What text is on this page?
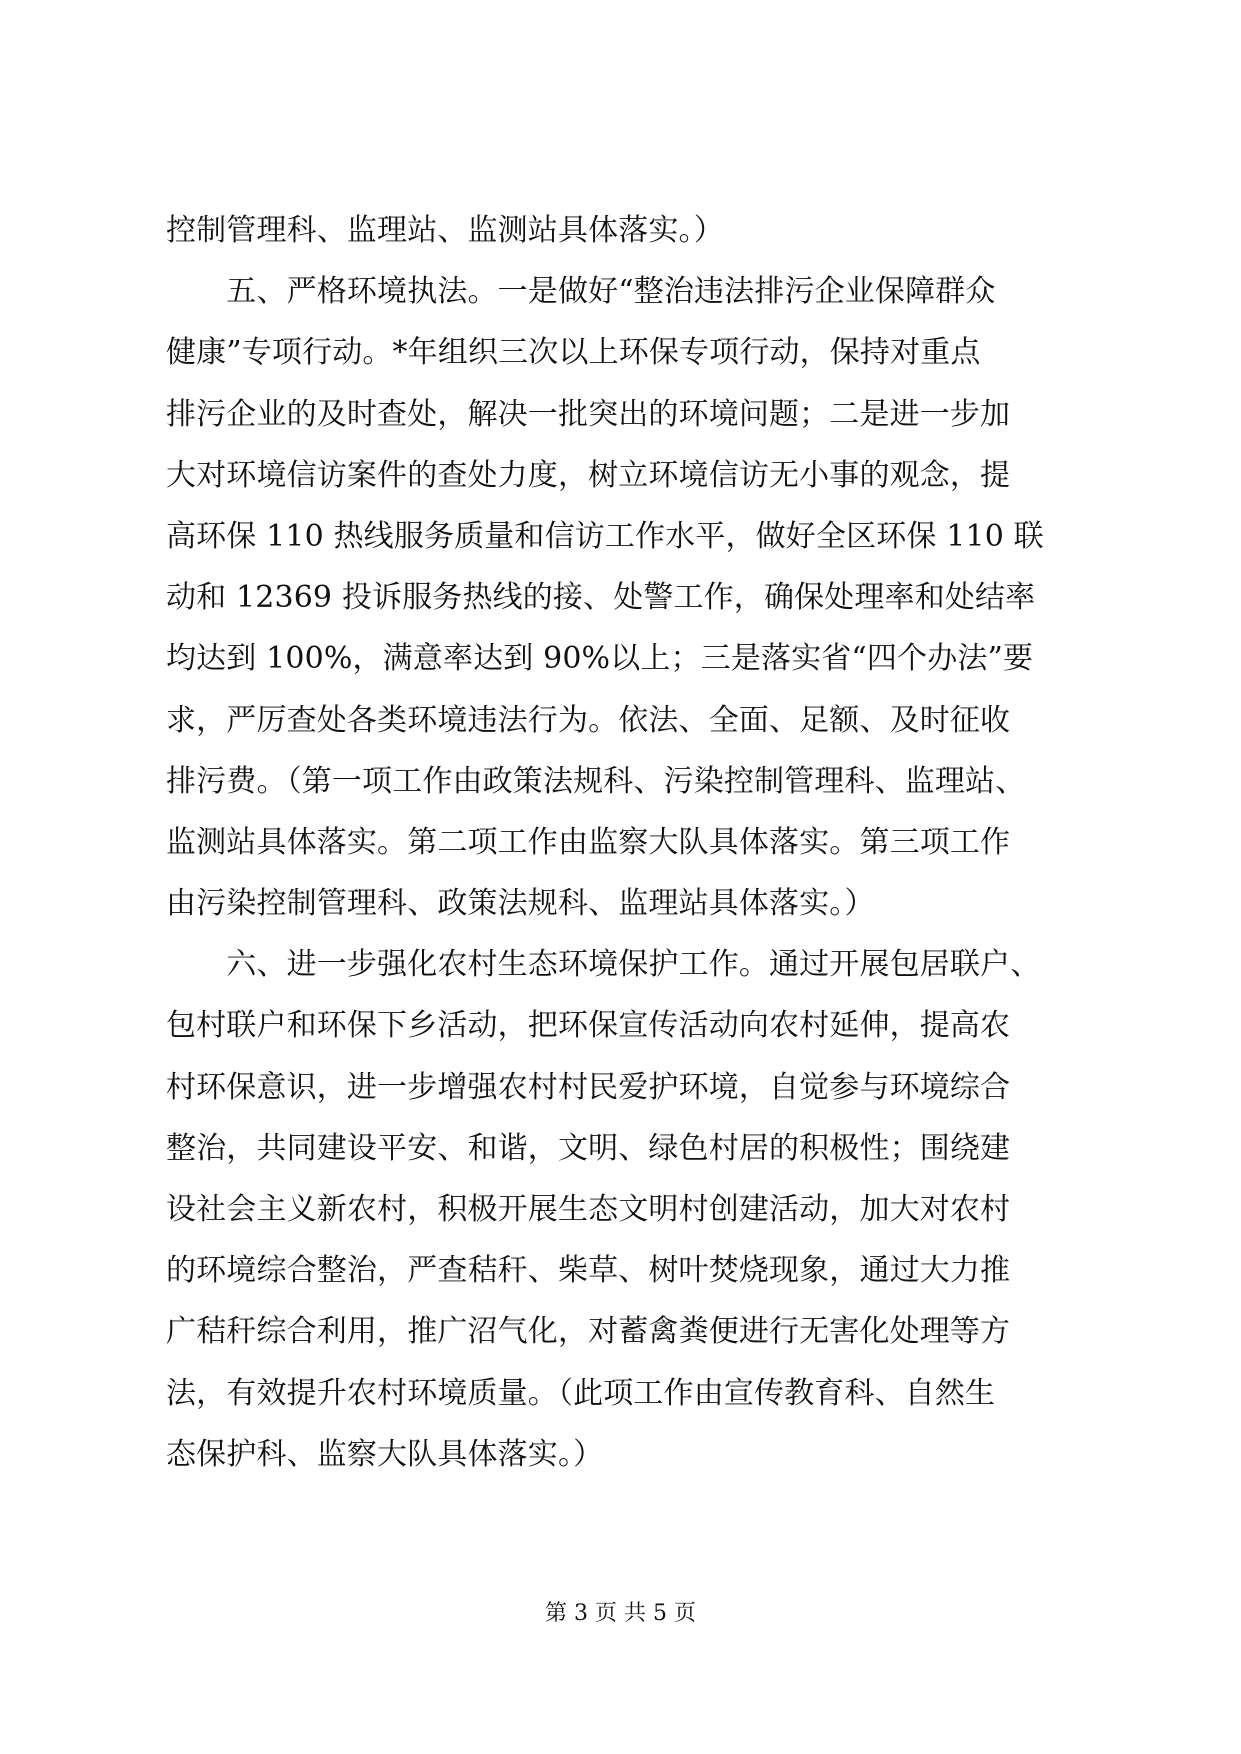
控制管理科、监理站、监测站具体落实。）
　　五、严格环境执法。一是做好“整治违法排污企业保障群众
健康”专项行动。*年组织三次以上环保专项行动，保持对重点
排污企业的及时查处，解决一批突出的环境问题；二是进一步加
大对环境信访案件的查处力度，树立环境信访无小事的观念，提
高环保 110 热线服务质量和信访工作水平，做好全区环保 110 联
动和 12369 投诉服务热线的接、处警工作，确保处理率和处结率
均达到 100%，满意率达到 90%以上；三是落实省“四个办法”要
求，严厉查处各类环境违法行为。依法、全面、足额、及时征收
排污费。（第一项工作由政策法规科、污染控制管理科、监理站、
监测站具体落实。第二项工作由监察大队具体落实。第三项工作
由污染控制管理科、政策法规科、监理站具体落实。）
　　六、进一步强化农村生态环境保护工作。通过开展包居联户、
包村联户和环保下乡活动，把环保宣传活动向农村延伸，提高农
村环保意识，进一步增强农村村民爱护环境，自觉参与环境综合
整治，共同建设平安、和谐，文明、绿色村居的积极性；围绕建
设社会主义新农村，积极开展生态文明村创建活动，加大对农村
的环境综合整治，严查秸秆、柴草、树叶焚烧现象，通过大力推
广秸秆综合利用，推广沼气化，对蓄禽粪便进行无害化处理等方
法，有效提升农村环境质量。（此项工作由宣传教育科、自然生
态保护科、监察大队具体落实。）
第 3 页 共 5 页
